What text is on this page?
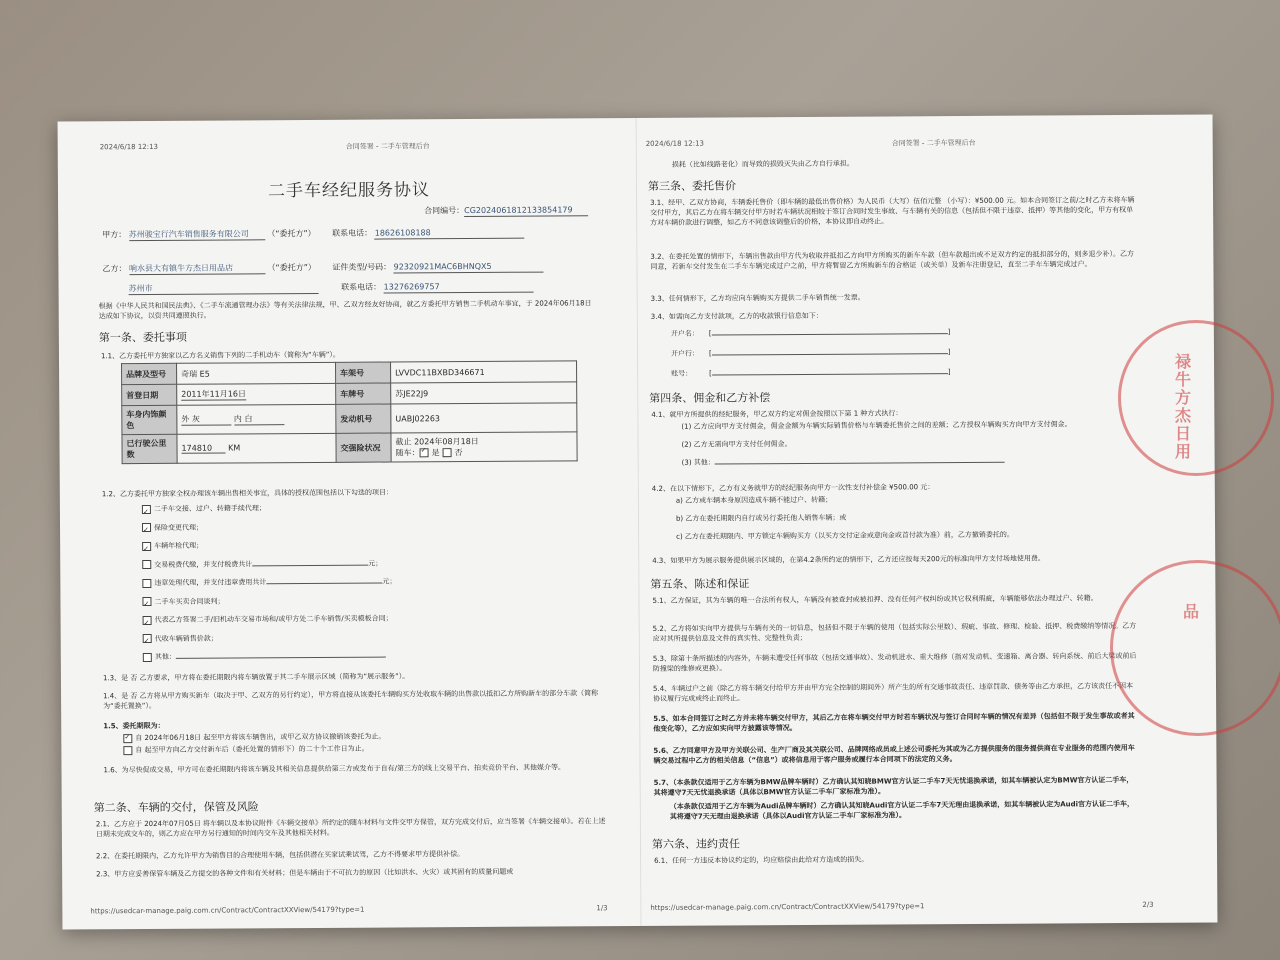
2024/6/18 12:13	合同签署 - 二手车管理后台
二手车经纪服务协议
合同编号：CG2024061812133854179
甲方： 苏州骏宝行汽车销售服务有限公司 （“委托方”） 联系电话： 18626108188
乙方： 响水县大有镇牛方杰日用品店	（“委托方”） 证件类型/号码： 92320921MAC6BHNQX5
苏州市	联系电话： 13276269757
根据《中华人民共和国民法典》、《二手车流通管理办法》等有关法律法规，甲、乙双方经友好协商，就乙方委托甲方销售二手机动车事宜，于 2024年06月18日 达成如下协议，以资共同遵照执行。
第一条、委托事项
1.1、乙方委托甲方独家以乙方名义销售下列的二手机动车（简称为“车辆”）。
品牌及型号	奇瑞 E5	车架号	LVVDC11BXBD346671
首登日期	2011年11月16日	车牌号	苏JE22J9
车身内饰颜色	外 灰 内 白	发动机号	UABJ02263
已行驶公里数	174810 KM	交强险状况	截止 2024年08月18日
随车： ✓ 是 否
1.2、乙方委托甲方独家全权办理该车辆出售相关事宜，具体的授权范围包括以下勾选的项目：
✓二手车交接、过户、转籍手续代理；
✓保险变更代理；
✓车辆年检代理；
交易税费代缴，并支付税费共计	元；
违章处理代理，并支付违章费用共计	元；
✓二手车买卖合同谈判；
✓代表乙方签署二手/旧机动车交易市场和/或甲方处二手车销售/买卖模板合同；
✓代收车辆销售价款；
其他：
1.3、是 否 乙方要求，甲方将在委托期限内将车辆放置于其二手车展示区域（简称为“展示服务”）。
1.4、是 否 乙方将从甲方购买新车（取决于甲、乙双方的另行约定），甲方将直接从该委托车辆购买方处收取车辆的出售款以抵扣乙方所购新车的部分车款（简称为“委托置换”）。
1.5、委托期限为：
✓自 2024年06月18日 起至甲方将该车辆售出，或甲乙双方协议撤销该委托为止。
自 起至甲方向乙方交付新车后（委托处置的情形下）的二十个工作日为止。
1.6、为尽快促成交易，甲方可在委托期限内将该车辆及其相关信息提供给第三方或发布于自有/第三方的线上交易平台、拍卖竞价平台、其他媒介等。
第二条、车辆的交付，保管及风险
2.1、乙方应于 2024年07月05日 将车辆以及本协议附件《车辆交接单》所约定的随车材料与文件交甲方保管，双方完成交付后，应当签署《车辆交接单》。若在上述日期未完成交车的，则乙方应在甲方另行通知的时间内交车及其他相关材料。
2.2、在委托期限内，乙方允许甲方为销售目的合理使用车辆，包括供潜在买家试乘试驾，乙方不得要求甲方提供补偿。
2.3、甲方应妥善保管车辆及乙方提交的各种文件和有关材料；但是车辆由于不可抗力的原因（比如洪水、火灾）或其固有的质量问题或
https://usedcar-manage.paig.com.cn/Contract/ContractXXView/54179?type=1	1/3
2024/6/18 12:13	合同签署 - 二手车管理后台
损耗（比如线路老化）而导致的损毁灭失由乙方自行承担。
第三条、委托售价
3.1、经甲、乙双方协商，车辆委托售价（即车辆的最低出售价格）为人民币（大写）伍佰元整 （小写）：¥500.00 元。如本合同签订之前/之时乙方未将车辆交付甲方，其后乙方在将车辆交付甲方时若车辆状况相较于签订合同时发生事故、与车辆有关的信息（包括但不限于违章、抵押）等其他的变化，甲方有权单方对车辆价款进行调整，如乙方不同意该调整后的价格，本协议即自动终止。
3.2、在委托处置的情形下，车辆出售款由甲方代为收取并抵扣乙方向甲方所购买的新车车款（但车款超出或不足双方约定的抵扣部分的，则多退少补）。乙方同意，若新车交付发生在二手车车辆完成过户之前，甲方将暂留乙方所购新车的合格证（或关单）及新车注册登记，直至二手车车辆完成过户。
3.3、任何情形下，乙方均应向车辆购买方提供二手车销售统一发票。
3.4、如需向乙方支付款项，乙方的收款银行信息如下：
开户名： [	]
开户行： [	]
账号： [	]
第四条、佣金和乙方补偿
4.1、就甲方所提供的经纪服务，甲乙双方约定对佣金按照以下第 1 种方式执行：
(1) 乙方应向甲方支付佣金，佣金金额为车辆实际销售价格与车辆委托售价之间的差额；乙方授权车辆购买方向甲方支付佣金。
(2) 乙方无需向甲方支付任何佣金。
(3) 其他：
4.2、在以下情形下，乙方有义务就甲方的经纪服务向甲方一次性支付补偿金 ¥500.00 元：
a) 乙方或车辆本身原因造成车辆不能过户、转籍；
b) 乙方在委托期限内自行或另行委托他人销售车辆；或
c) 乙方在委托期限内、甲方锁定车辆购买方（以买方交付定金或意向金或首付款为准）前，乙方撤销委托的。
4.3、如果甲方为展示服务提供展示区域的，在第4.2条所约定的情形下，乙方还应按每天200元的标准向甲方支付场地使用费。
第五条、陈述和保证
5.1、乙方保证，其为车辆的唯一合法所有权人，车辆没有被查封或被扣押、没有任何产权纠纷或其它权利瑕疵，车辆能够依法办理过户、转籍。
5.2、乙方将如实向甲方提供与车辆有关的一切信息，包括但不限于车辆的使用（包括实际公里数）、瑕疵、事故、修理、检验、抵押、税费缴纳等情况。乙方应对其所提供信息及文件的真实性、完整性负责；
5.3、除第十条所描述的内容外，车辆未遭受任何事故（包括交通事故）、发动机进水、重大维修（指对发动机、变速箱、离合器、转向系统、前后大梁或前后防撞梁的维修或更换）。
5.4、车辆过户之前（除乙方将车辆交付给甲方并由甲方完全控制的期间外）所产生的所有交通事故责任、违章罚款、债务等由乙方承担，乙方该责任不因本协议履行完成或终止而终止。
5.5、如本合同签订之时乙方并未将车辆交付甲方，其后乙方在将车辆交付甲方时若车辆状况与签订合同时车辆的情况有差异（包括但不限于发生事故或者其他变化等），乙方应如实向甲方披露该等情况。
5.6、乙方同意甲方及甲方关联公司、生产厂商及其关联公司、品牌网络成员或上述公司委托为其或为乙方提供服务的服务提供商在专业服务的范围内使用车辆交易过程中乙方的相关信息（“信息”）或将信息用于客户服务或履行本合同项下的法定的义务。
5.7、（本条款仅适用于乙方车辆为BMW品牌车辆时）乙方确认其知晓BMW官方认证二手车7天无忧退换承诺，如其车辆被认定为BMW官方认证二手车，其将遵守7天无忧退换承诺（具体以BMW官方认证二手车厂家标准为准）。
（本条款仅适用于乙方车辆为Audi品牌车辆时）乙方确认其知晓Audi官方认证二手车7天无理由退换承诺，如其车辆被认定为Audi官方认证二手车，其将遵守7天无理由退换承诺（具体以Audi官方认证二手车厂家标准为准）。
第六条、违约责任
6.1、任何一方违反本协议约定的，均应赔偿由此给对方造成的损失。
https://usedcar-manage.paig.com.cn/Contract/ContractXXView/54179?type=1	2/3
禄牛方杰日用
品
